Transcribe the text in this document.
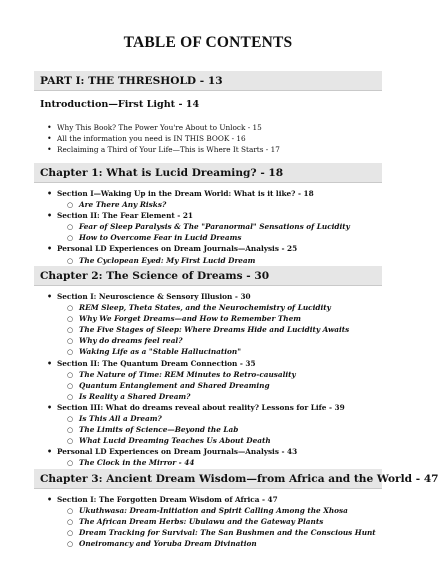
TABLE OF CONTENTS
PART I: THE THRESHOLD - 13
Introduction—First Light - 14
• Why This Book? The Power You're About to Unlock - 15
• All the information you need is IN THIS BOOK - 16
• Reclaiming a Third of Your Life—This is Where It Starts - 17
Chapter 1: What is Lucid Dreaming? - 18
• Section I—Waking Up in the Dream World: What is it like? - 18
○ Are There Any Risks?
• Section II: The Fear Element - 21
○ Fear of Sleep Paralysis & The "Paranormal" Sensations of Lucidity
○ How to Overcome Fear in Lucid Dreams
• Personal LD Experiences on Dream Journals—Analysis - 25
○ The Cyclopean Eyed: My First Lucid Dream
Chapter 2: The Science of Dreams - 30
• Section I: Neuroscience & Sensory Illusion - 30
○ REM Sleep, Theta States, and the Neurochemistry of Lucidity
○ Why We Forget Dreams—and How to Remember Them
○ The Five Stages of Sleep: Where Dreams Hide and Lucidity Awaits
○ Why do dreams feel real?
○ Waking Life as a "Stable Hallucination"
• Section II: The Quantum Dream Connection - 35
○ The Nature of Time: REM Minutes to Retro-causality
○ Quantum Entanglement and Shared Dreaming
○ Is Reality a Shared Dream?
• Section III: What do dreams reveal about reality? Lessons for Life - 39
○ Is This All a Dream?
○ The Limits of Science—Beyond the Lab
○ What Lucid Dreaming Teaches Us About Death
• Personal LD Experiences on Dream Journals—Analysis - 43
○ The Clock in the Mirror - 44
Chapter 3: Ancient Dream Wisdom—from Africa and the World - 47
• Section I: The Forgotten Dream Wisdom of Africa - 47
○ Ukuthwasa: Dream-Initiation and Spirit Calling Among the Xhosa
○ The African Dream Herbs: Ubulawu and the Gateway Plants
○ Dream Tracking for Survival: The San Bushmen and the Conscious Hunt
○ Oneiromancy and Yoruba Dream Divination
